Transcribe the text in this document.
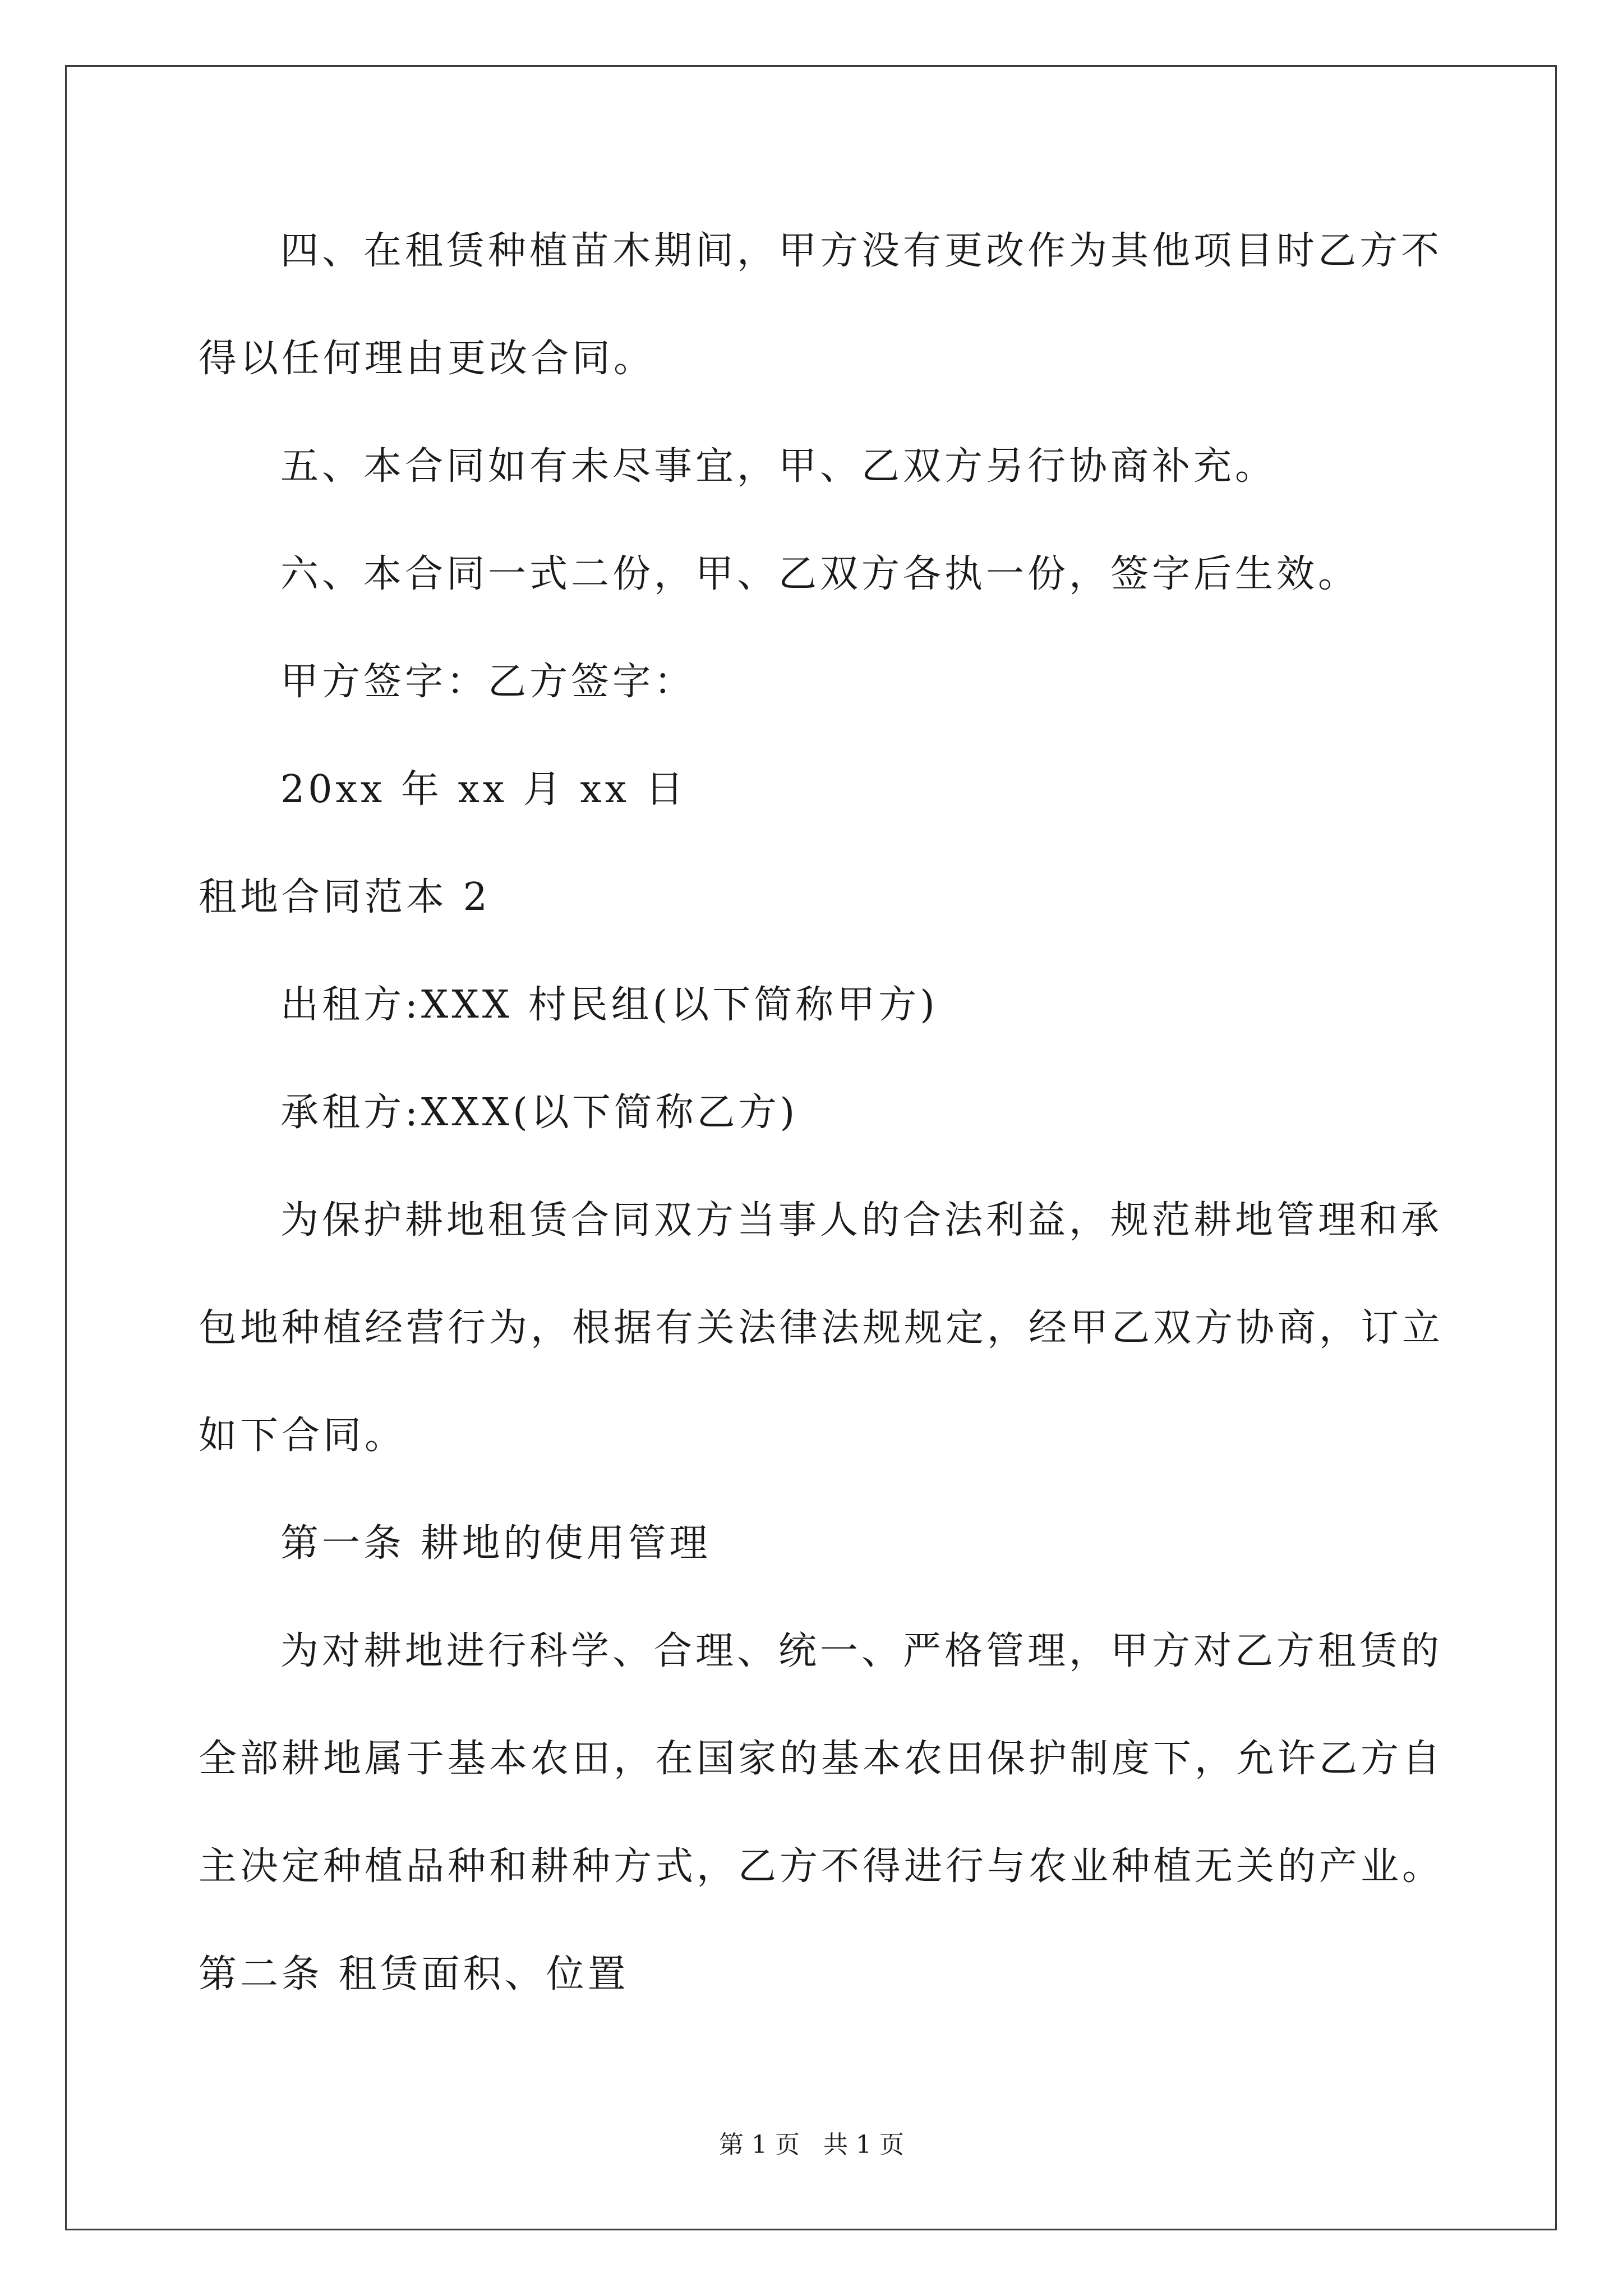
四、在租赁种植苗木期间，甲方没有更改作为其他项目时乙方不
得以任何理由更改合同。
五、本合同如有未尽事宜，甲、乙双方另行协商补充。
六、本合同一式二份，甲、乙双方各执一份，签字后生效。
甲方签字：乙方签字：
20xx 年 xx 月 xx 日
租地合同范本 2
出租方:XXX 村民组(以下简称甲方)
承租方:XXX(以下简称乙方)
为保护耕地租赁合同双方当事人的合法利益，规范耕地管理和承
包地种植经营行为，根据有关法律法规规定，经甲乙双方协商，订立
如下合同。
第一条 耕地的使用管理
为对耕地进行科学、合理、统一、严格管理，甲方对乙方租赁的
全部耕地属于基本农田，在国家的基本农田保护制度下，允许乙方自
主决定种植品种和耕种方式，乙方不得进行与农业种植无关的产业。
第二条 租赁面积、位置
第 1 页   共 1 页
